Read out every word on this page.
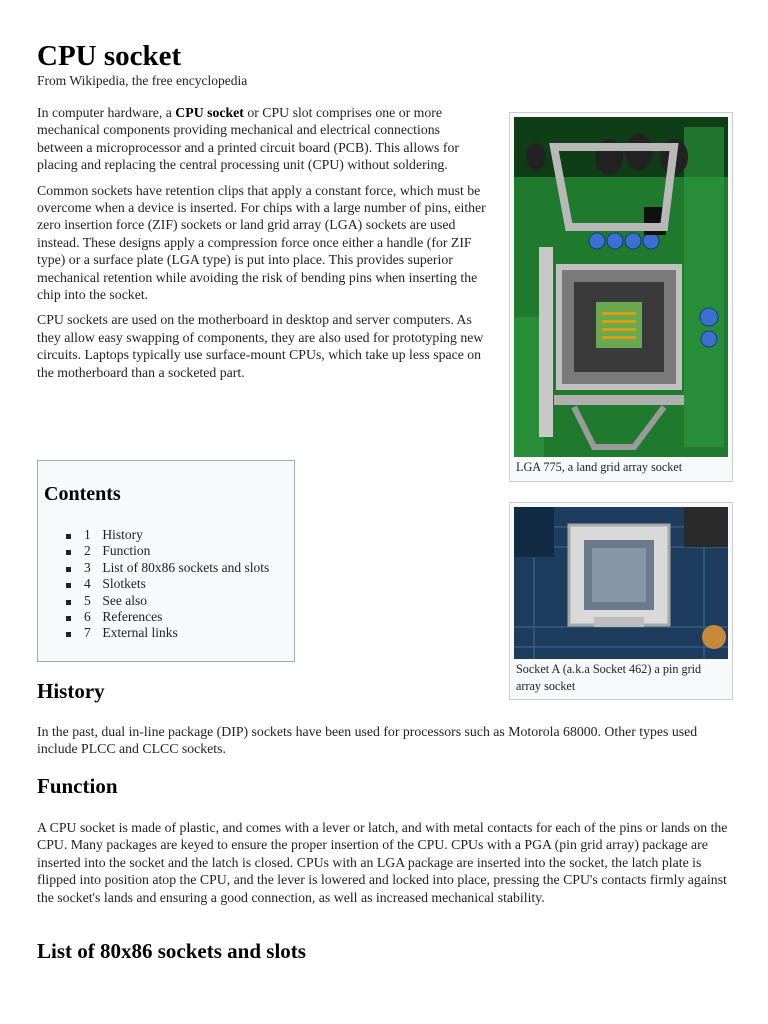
CPU socket
From Wikipedia, the free encyclopedia

In computer hardware, a CPU socket or CPU slot comprises one or more mechanical components providing mechanical and electrical connections between a microprocessor and a printed circuit board (PCB). This allows for placing and replacing the central processing unit (CPU) without soldering.

Common sockets have retention clips that apply a constant force, which must be overcome when a device is inserted. For chips with a large number of pins, either zero insertion force (ZIF) sockets or land grid array (LGA) sockets are used instead. These designs apply a compression force once either a handle (for ZIF type) or a surface plate (LGA type) is put into place. This provides superior mechanical retention while avoiding the risk of bending pins when inserting the chip into the socket.

CPU sockets are used on the motherboard in desktop and server computers. As they allow easy swapping of components, they are also used for prototyping new circuits. Laptops typically use surface-mount CPUs, which take up less space on the motherboard than a socketed part.

LGA 775, a land grid array socket
Socket A (a.k.a Socket 462) a pin grid array socket
Contents
1 History
2 Function
3 List of 80x86 sockets and slots
4 Slotkets
5 See also
6 References
7 External links
History

In the past, dual in-line package (DIP) sockets have been used for processors such as Motorola 68000. Other types used include PLCC and CLCC sockets.

Function

A CPU socket is made of plastic, and comes with a lever or latch, and with metal contacts for each of the pins or lands on the CPU. Many packages are keyed to ensure the proper insertion of the CPU. CPUs with a PGA (pin grid array) package are inserted into the socket and the latch is closed. CPUs with an LGA package are inserted into the socket, the latch plate is flipped into position atop the CPU, and the lever is lowered and locked into place, pressing the CPU's contacts firmly against the socket's lands and ensuring a good connection, as well as increased mechanical stability.

List of 80x86 sockets and slots
